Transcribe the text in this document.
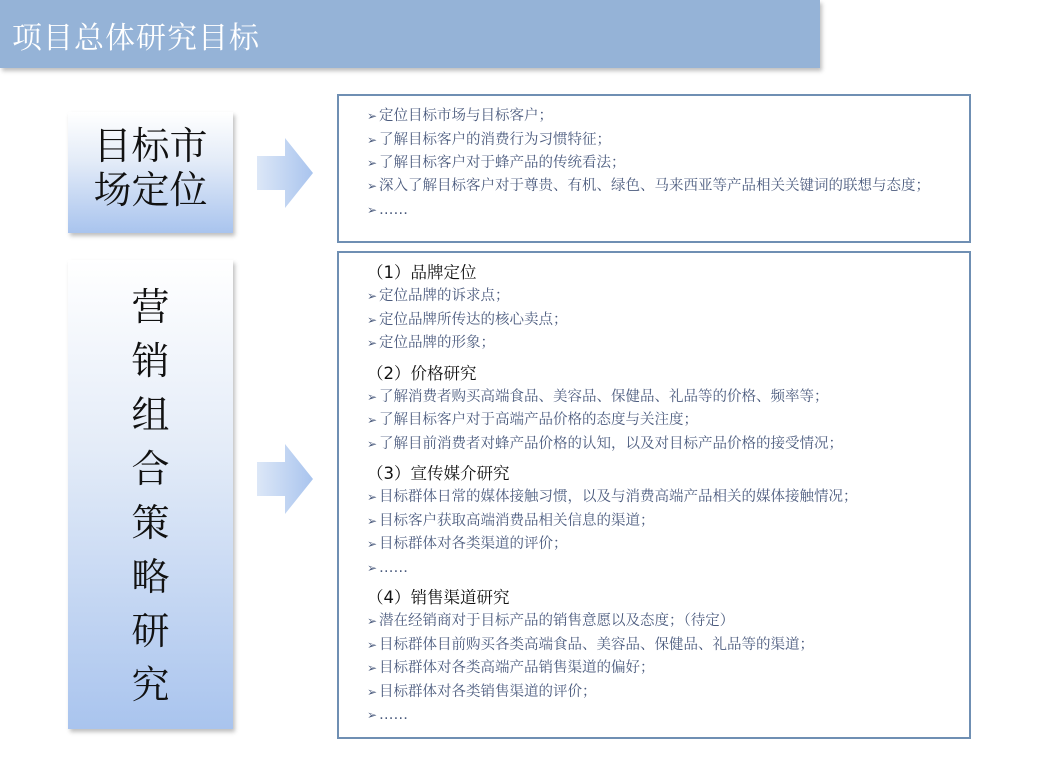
项目总体研究目标
目标市
场定位
➢ 定位目标市场与目标客户；
➢ 了解目标客户的消费行为习惯特征；
➢ 了解目标客户对于蜂产品的传统看法；
➢ 深入了解目标客户对于尊贵、有机、绿色、马来西亚等产品相关关键词的联想与态度；
➢ ……
营
销
组
合
策
略
研
究
（1）品牌定位
➢ 定位品牌的诉求点；
➢ 定位品牌所传达的核心卖点；
➢ 定位品牌的形象；
（2）价格研究
➢ 了解消费者购买高端食品、美容品、保健品、礼品等的价格、频率等；
➢ 了解目标客户对于高端产品价格的态度与关注度；
➢ 了解目前消费者对蜂产品价格的认知，以及对目标产品价格的接受情况；
（3）宣传媒介研究
➢ 目标群体日常的媒体接触习惯，以及与消费高端产品相关的媒体接触情况；
➢ 目标客户获取高端消费品相关信息的渠道；
➢ 目标群体对各类渠道的评价；
➢ ……
（4）销售渠道研究
➢ 潜在经销商对于目标产品的销售意愿以及态度；（待定）
➢ 目标群体目前购买各类高端食品、美容品、保健品、礼品等的渠道；
➢ 目标群体对各类高端产品销售渠道的偏好；
➢ 目标群体对各类销售渠道的评价；
➢ ……
